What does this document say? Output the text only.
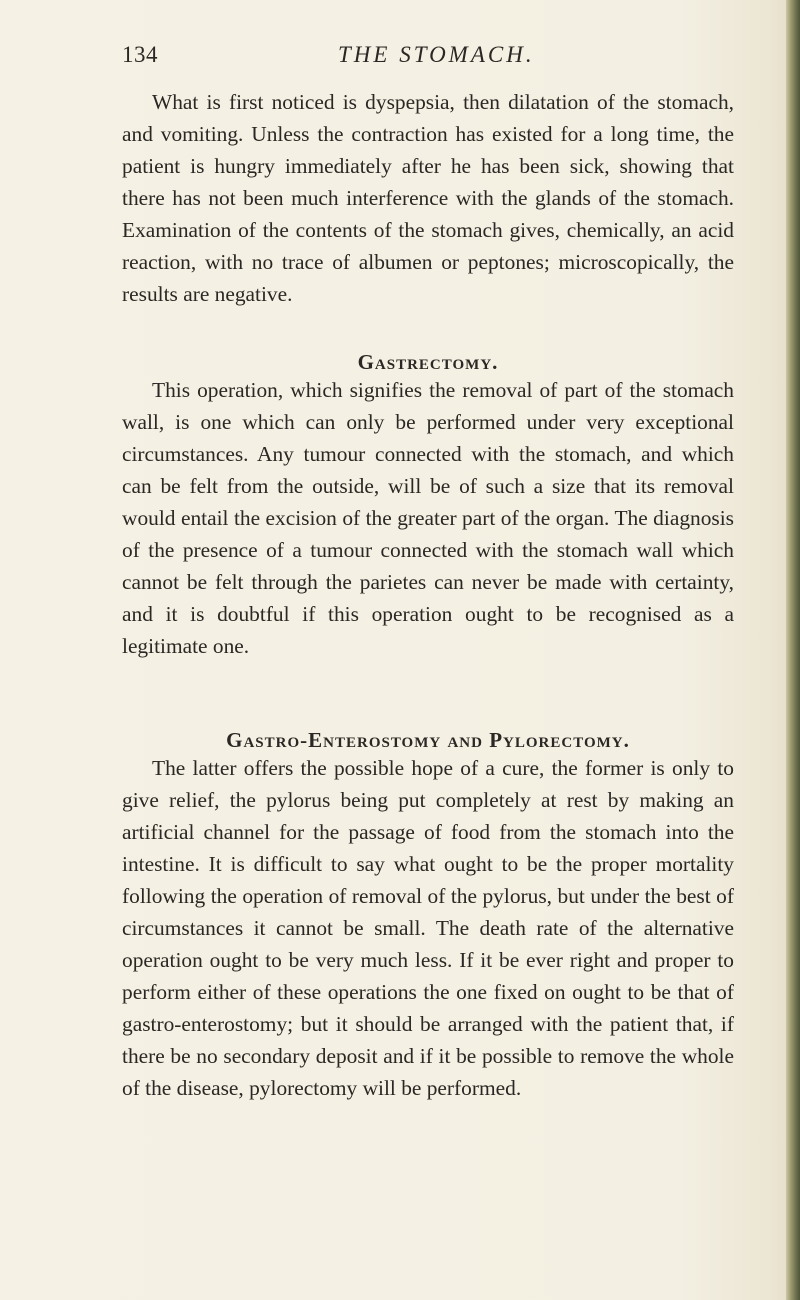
134	THE STOMACH.

What is first noticed is dyspepsia, then dilatation of the stomach, and vomiting. Unless the contraction has existed for a long time, the patient is hungry immediately after he has been sick, showing that there has not been much interference with the glands of the stomach. Examination of the contents of the stomach gives, chemically, an acid reaction, with no trace of albumen or peptones; microscopically, the results are negative.

Gastrectomy.

This operation, which signifies the removal of part of the stomach wall, is one which can only be performed under very exceptional circumstances. Any tumour connected with the stomach, and which can be felt from the outside, will be of such a size that its removal would entail the excision of the greater part of the organ. The diagnosis of the presence of a tumour connected with the stomach wall which cannot be felt through the parietes can never be made with certainty, and it is doubtful if this operation ought to be recognised as a legitimate one.

Gastro-Enterostomy and Pylorectomy.

The latter offers the possible hope of a cure, the former is only to give relief, the pylorus being put completely at rest by making an artificial channel for the passage of food from the stomach into the intestine. It is difficult to say what ought to be the proper mortality following the operation of removal of the pylorus, but under the best of circumstances it cannot be small. The death rate of the alternative operation ought to be very much less. If it be ever right and proper to perform either of these operations the one fixed on ought to be that of gastro-enterostomy; but it should be arranged with the patient that, if there be no secondary deposit and if it be possible to remove the whole of the disease, pylorectomy will be performed.
